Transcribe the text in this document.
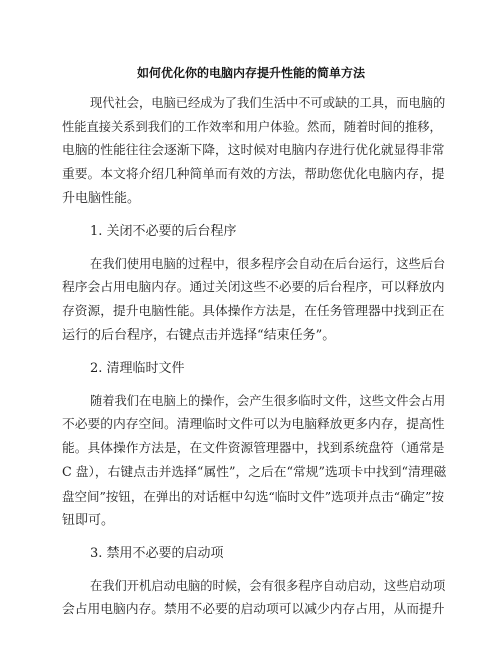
如何优化你的电脑内存提升性能的简单方法
现代社会，电脑已经成为了我们生活中不可或缺的工具，而电脑的
性能直接关系到我们的工作效率和用户体验。然而，随着时间的推移，
电脑的性能往往会逐渐下降，这时候对电脑内存进行优化就显得非常
重要。本文将介绍几种简单而有效的方法，帮助您优化电脑内存，提
升电脑性能。
1. 关闭不必要的后台程序
在我们使用电脑的过程中，很多程序会自动在后台运行，这些后台
程序会占用电脑内存。通过关闭这些不必要的后台程序，可以释放内
存资源，提升电脑性能。具体操作方法是，在任务管理器中找到正在
运行的后台程序，右键点击并选择“结束任务”。
2. 清理临时文件
随着我们在电脑上的操作，会产生很多临时文件，这些文件会占用
不必要的内存空间。清理临时文件可以为电脑释放更多内存，提高性
能。具体操作方法是，在文件资源管理器中，找到系统盘符（通常是
C 盘），右键点击并选择“属性”，之后在“常规”选项卡中找到“清理磁
盘空间”按钮，在弹出的对话框中勾选“临时文件”选项并点击“确定”按
钮即可。
3. 禁用不必要的启动项
在我们开机启动电脑的时候，会有很多程序自动启动，这些启动项
会占用电脑内存。禁用不必要的启动项可以减少内存占用，从而提升
